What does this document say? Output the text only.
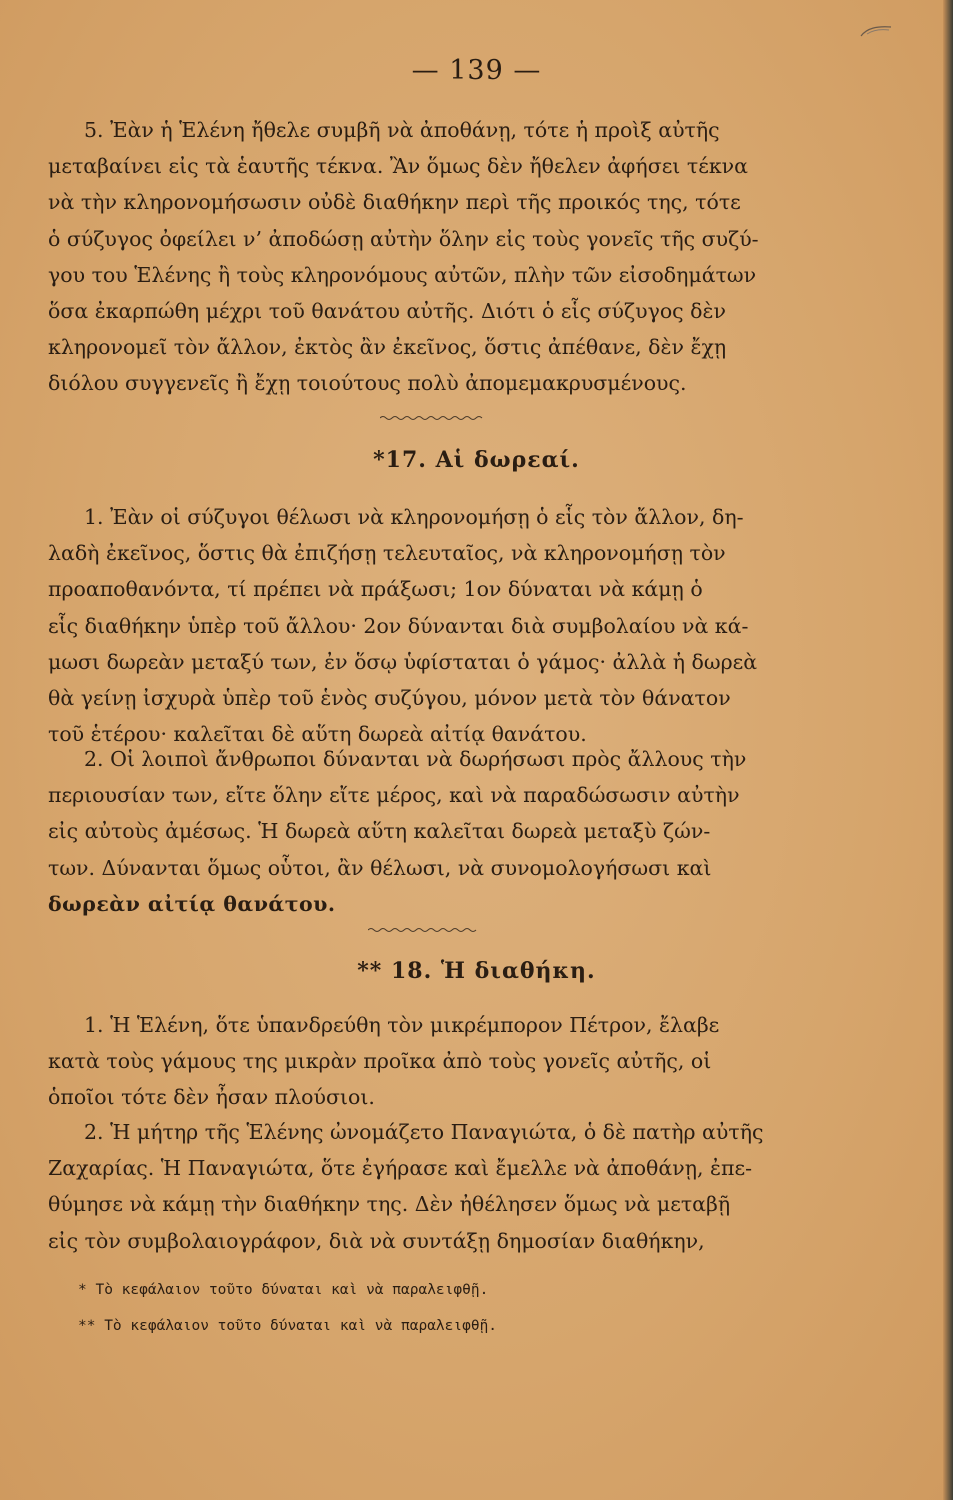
— 139 —

5. Ἐὰν ἡ Ἑλένη ἤθελε συμβῆ νὰ ἀποθάνῃ, τότε ἡ προὶξ αὐτῆς

μεταβαίνει εἰς τὰ ἑαυτῆς τέκνα. Ἂν ὅμως δὲν ἤθελεν ἀφήσει τέκνα

νὰ τὴν κληρονομήσωσιν οὐδὲ διαθήκην περὶ τῆς προικός της, τότε

ὁ σύζυγος ὀφείλει ν’ ἀποδώσῃ αὐτὴν ὅλην εἰς τοὺς γονεῖς τῆς συζύ-

γου του Ἑλένης ἢ τοὺς κληρονόμους αὐτῶν, πλὴν τῶν εἰσοδημάτων

ὅσα ἐκαρπώθη μέχρι τοῦ θανάτου αὐτῆς. Διότι ὁ εἷς σύζυγος δὲν

κληρονομεῖ τὸν ἄλλον, ἐκτὸς ἂν ἐκεῖνος, ὅστις ἀπέθανε, δὲν ἔχῃ

διόλου συγγενεῖς ἢ ἔχῃ τοιούτους πολὺ ἀπομεμακρυσμένους.

*17. Αἱ δωρεαί.

1. Ἐὰν οἱ σύζυγοι θέλωσι νὰ κληρονομήσῃ ὁ εἷς τὸν ἄλλον, δη-

λαδὴ ἐκεῖνος, ὅστις θὰ ἐπιζήσῃ τελευταῖος, νὰ κληρονομήσῃ τὸν

προαποθανόντα, τί πρέπει νὰ πράξωσι; 1ον δύναται νὰ κάμῃ ὁ

εἷς διαθήκην ὑπὲρ τοῦ ἄλλου· 2ον δύνανται διὰ συμβολαίου νὰ κά-

μωσι δωρεὰν μεταξύ των, ἐν ὅσῳ ὑφίσταται ὁ γάμος· ἀλλὰ ἡ δωρεὰ

θὰ γείνῃ ἰσχυρὰ ὑπὲρ τοῦ ἑνὸς συζύγου, μόνον μετὰ τὸν θάνατον

τοῦ ἑτέρου· καλεῖται δὲ αὕτη δωρεὰ αἰτίᾳ θανάτου.

2. Οἱ λοιποὶ ἄνθρωποι δύνανται νὰ δωρήσωσι πρὸς ἄλλους τὴν

περιουσίαν των, εἴτε ὅλην εἴτε μέρος, καὶ νὰ παραδώσωσιν αὐτὴν

εἰς αὐτοὺς ἀμέσως. Ἡ δωρεὰ αὕτη καλεῖται δωρεὰ μεταξὺ ζών-

των. Δύνανται ὅμως οὗτοι, ἂν θέλωσι, νὰ συνομολογήσωσι καὶ

δωρεὰν αἰτίᾳ θανάτου.

** 18. Ἡ διαθήκη.

1. Ἡ Ἑλένη, ὅτε ὑπανδρεύθη τὸν μικρέμπορον Πέτρον, ἔλαβε

κατὰ τοὺς γάμους της μικρὰν προῖκα ἀπὸ τοὺς γονεῖς αὐτῆς, οἱ

ὁποῖοι τότε δὲν ἦσαν πλούσιοι.

2. Ἡ μήτηρ τῆς Ἑλένης ὠνομάζετο Παναγιώτα, ὁ δὲ πατὴρ αὐτῆς

Ζαχαρίας. Ἡ Παναγιώτα, ὅτε ἐγήρασε καὶ ἔμελλε νὰ ἀποθάνῃ, ἐπε-

θύμησε νὰ κάμῃ τὴν διαθήκην της. Δὲν ἠθέλησεν ὅμως νὰ μεταβῇ

εἰς τὸν συμβολαιογράφον, διὰ νὰ συντάξῃ δημοσίαν διαθήκην,

* Τὸ κεφάλαιον τοῦτο δύναται καὶ νὰ παραλειφθῇ.

** Τὸ κεφάλαιον τοῦτο δύναται καὶ νὰ παραλειφθῇ.
